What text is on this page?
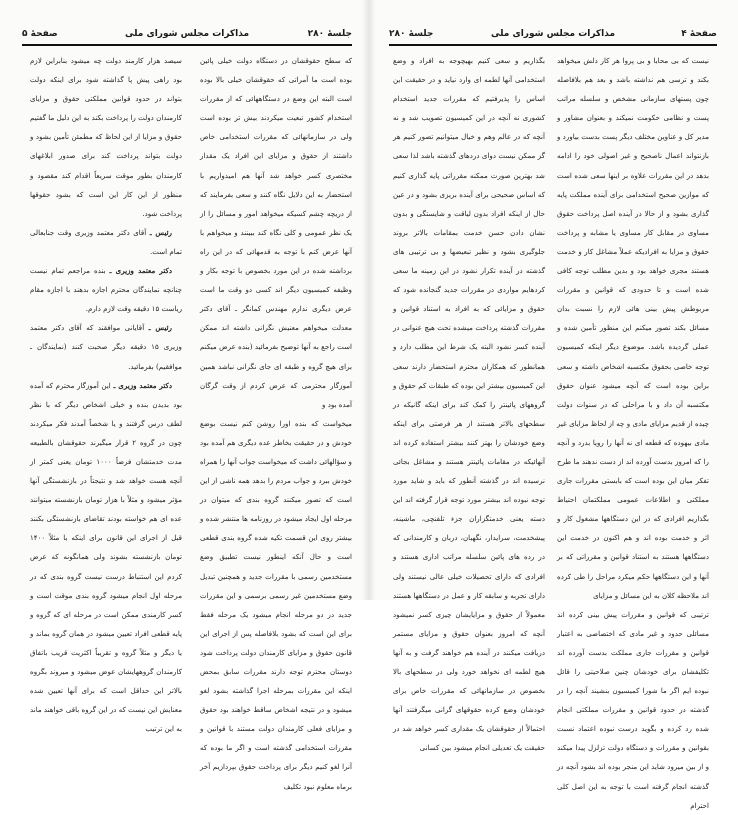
جلسهٔ ۲۸۰
مذاکرات مجلس شورای ملی
صفحهٔ ۵

که سطح حقوقشان در دستگاه دولت خیلی پائین بوده است ما آمراتی که حقوقشان خیلی بالا بوده است البته این وضع در دستگاههائی که از مقررات استخدام کشور تبعیت میکردند بیش تر بوده است ولی در سازمانهائی که مقررات استخدامی خاص داشتند از حقوق و مزایای این افراد یک مقدار مختصری کسر خواهد شد آنها هم امیدواریم با استحضار به این دلایل نگاه کنند و سعی بفرمایند که از دریچه چشم کسیکه میخواهد امور و مسائل را از یک نظر عمومی و کلی نگاه کند ببینند و میخواهم با آنها عرض کنم با توجه به قدمهائی که در این راه برداشته شده در این مورد بخصوص با توجه بکار و وظیفه کمیسیون دیگر اند کسی دو وقت ما است عرض دیگری ندارم مهندس کمانگر ـ آقای دکتر معدلت میخواهم معنیش نگرانی داشته اند ممکن است راجع به آنها توضیح بفرمائید (بنده عرض میکنم برای هیچ گروه و طبقه ای جای نگرانی نباشد همین آموزگار محترمی که عرض کردم از وقت گرگان آمده بود و

میخواست که بنده اورا روشن کنم نیست بوضع خودش و در حقیقت بخاطر عده دیگری هم آمده بود و سؤالهائی داشت که میخواست جواب آنها را همراه خودش ببرد و جواب مردم را بدهد همه ناشی از این است که تصور میکنند گروه بندی که میتوان در مرحله اول ایجاد میشود در روزنامه ها منتشر شده و بیشتر روی این قسمت تکیه شده گروه بندی قطعی است و حال آنکه اینطور نیست تطبیق وضع مستخدمین رسمی با مقررات جدید و همچنین تبدیل وضع مستخدمین غیر رسمی برسمی و این مقررات جدید در دو مرحله انجام میشود یک مرحله فقط برای این است که بشود بلافاصله پس از اجرای این قانون حقوق و مزایای کارمندان دولت پرداخت شود دوستان محترم توجه دارند مقررات سابق بمحض اینکه این مقررات بمرحله اجرا گذاشته بشود لغو میشود و در نتیجه اشخاص ساقط خواهند بود حقوق و مزایای فعلی کارمندان دولت مستند با قوانین و مقررات استخدامی گذشته است و اگر ما بوده که آنرا لغو کنیم دیگر برای پرداخت حقوق بپردازیم آخر برماه معلوم نبود تکلیف

سیصد هزار کارمند دولت چه میشود بنابراین لازم بود راهی پیش پا گذاشته شود برای اینکه دولت بتواند در حدود قوانین مملکتی حقوق و مزایای کارمندان دولت را پرداخت بکند به این دلیل ما گفتیم حقوق و مزایا از این لحاظ که مطمئن تأمین بشود و دولت بتواند پرداخت کند برای صدور ابلاغهای کارمندان بطور موقت سریعاً اقدام کند مقصود و منظور از این کار این است که بشود حقوقها پرداخت شود.

رئیس ـ آقای دکتر معتمد وزیری وقت جنابعالی تمام است.

دکتر معتمد وزیری ـ بنده مراجعم تمام نیست چنانچه نمایندگان محترم اجازه بدهند با اجازه مقام ریاست ۱۵ دقیقه وقت لازم دارم.

رئیس ـ آقایانی موافقند که آقای دکتر معتمد وزیری ۱۵ دقیقه دیگر صحبت کنند (نمایندگان ـ موافقیم) بفرمائید.

دکتر معتمد وزیری ـ این آموزگار محترم که آمده بود بدیدن بنده و خیلی اشخاص دیگر که با نظر لطف درس گرفتند و یا شخصاً آمدند فکر میکردند چون در گروه ۲ قرار میگیرند حقوقشان بالطبیعه مدت خدمتشان فرضاً ۱۰۰۰ تومان یعنی کمتر از آنچه هست خواهد شد و نتیجتاً در بازنشستگی آنها مؤثر میشود و مثلاً با هزار تومان بازنشسته میتوانند عده ای هم خواسته بودند تقاضای بازنشستگی بکنند قبل از اجرای این قانون برای اینکه با مثلاً ۱۴۰۰ تومان بازنشسته بشوند ولی همانگونه که عرض کردم این استنباط درست نیست گروه بندی که در مرحله اول انجام میشود گروه بندی موقت است و کسر کارمندی ممکن است در مرحله ای که گروه و پایه قطعی افراد تعیین میشود در همان گروه بماند و یا دیگر و مثلاً گروه و تقریباً اکثریت قریب باتفاق کارمندان گروههایشان عوض میشود و میروند بگروه بالاتر این حداقل است که برای آنها تعیین شده معنایش این نیست که در این گروه باقی خواهند ماند به این ترتیب

صفحهٔ ۴
مذاکرات مجلس شورای ملی
جلسهٔ ۲۸۰

نیست که بی محابا و بی پروا هر کار دلش میخواهد بکند و ترسی هم نداشته باشد و بعد هم بلافاصله چون پستهای سازمانی مشخص و سلسله مراتب پست و نظامی حکومت نمیکند و بعنوان مشاور و مدیر کل و عناوین مختلف دیگر پست بدست بیاورد و بازنتواند اعمال ناصحیح و غیر اصولی خود را ادامه بدهد در این مقررات علاوه بر اینها سعی شده است که موازین صحیح استخدامی برای آینده مملکت پایه گذاری بشود و از حالا در آینده اصل پرداخت حقوق مساوی در مقابل کار مساوی یا مشابه و پرداخت حقوق و مزایا به افرادیکه عملاً مشاغل کار و خدمت هستند مجری خواهد بود و بدین مطلب توجه کافی شده است و تا حدودی که قوانین و مقررات مربوطش پیش بینی هائی لازم را نسبت بدان مسائل بکند تصور میکنم این منظور تأمین شده و عملی گردیده باشد. موضوع دیگر اینکه کمیسیون توجه خاصی بحقوق مکتسبه اشخاص داشته و سعی براین بوده است که آنچه میشود عنوان حقوق مکتسبه آن داد و با مراحلی که در سنوات دولت چیده از قدیم مزایای مادی و چه از لحاظ مزایای غیر مادی بیهوده که قطعه ای نه آنها را رویا بدرد و آنچه را که امروز بدست آورده اند از دست ندهند ما طرح تفکر میان این بوده است که بابستی مقررات جاری مملکتی و اطلاعات عمومی مملکتمان احتیاط بگذاریم افرادی که در این دستگاهها مشغول کار و اثر و خدمت بوده اند و هم اکنون در خدمت این دستگاهها هستند به استناد قوانین و مقرراتی که بر آنها و این دستگاهها حکم میکرد مراحل را طی کرده اند ملاحظه کلان به این مسائل و مزایای

ترتیبی که قوانین و مقررات پیش بینی کرده اند مسائلی حدود و غیر مادی که اختصاصی به اعتبار قوانین و مقررات جاری مملکت بدست آورده اند تکلیفشان برای خودشان چنین صلاحیتی را قائل نبوده ایم اگر ما شورا کمیسیون بنشیند آنچه را در گذشته در حدود قوانین و مقررات مملکتی انجام شده رد کرده و بگوید درست نبوده اعتماد نسبت بقوانین و مقررات و دستگاه دولت تزلزل پیدا میکند و از بین میرود شاید این منجر بوده اند بشود آنچه در گذشته انجام گرفته است با توجه به این اصل کلی احترام

بگذاریم و سعی کنیم بهیچوجه به افراد و وضع استخدامی آنها لطمه ای وارد نیاید و در حقیقت این اساس را پذیرفتیم که مقررات جدید استخدام کشوری نه آنچه در این کمیسیون تصویب شد و نه آنچه که در عالم وهم و خیال میتوانیم تصور کنیم هر گز ممکن نیست دوای دردهای گذشته باشد لذا سعی شد بهترین صورت ممکنه مقرراتی پایه گذاری کنیم که اساس صحیحی برای آینده بریزی بشود و در عین حال از اینکه افراد بدون لیاقت و شایستگی و بدون نشان دادن حسن خدمت بمقامات بالاتر بروند جلوگیری بشود و نظیر تبعیضها و بی ترتیبی های گذشته در آینده تکرار نشود در این زمینه ما سعی کردهایم مواردی در مقررات جدید گنجانده شود که حقوق و مزایائی که به افراد به استناد قوانین و مقررات گذشته پرداخت میشده تحت هیچ عنوانی در آینده کسر نشود البته یک شرط این مطلب دارد و همانطور که همکاران محترم استحضار دارند سعی این کمیسیون بیشتر این بوده که طبقات کم حقوق و گروههای پائینتر را کمک کند برای اینکه گانیکه در سطحهای بالاتر هستند از هر فرصتی برای اینکه وضع خودشان را بهتر کنند بیشتر استفاده کرده اند آنهائیکه در مقامات پائینتر هستند و مشاغل بجائی نرسیده اند در گذشته آنطور که باید و شاید مورد توجه نبوده اند بیشتر مورد توجه قرار گرفته اند این دسته یعنی خدمتگزاران جزء تلفنچی، ماشینه، پیشخدمت، سرایدار، نگهبان، دربان و کارمندانی که در رده های پائین سلسله مراتب اداری هستند و افرادی که دارای تحصیلات خیلی عالی نیستند ولی دارای تجربه و سابقه کار و عمل در دستگاهها هستند معمولاً از حقوق و مزایایشان چیزی کسر نمیشود آنچه که امروز بعنوان حقوق و مزایای مستمر دریافت میکنند در آینده هم خواهند گرفت و به آنها هیچ لطمه ای نخواهد خورد ولی در سطحهای بالا بخصوص در سازمانهائی که مقررات خاص برای خودشان وضع کرده حقوقهای گرانی میگرفتند آنها احتمالاً از حقوقشان یک مقداری کسر خواهد شد در حقیقت یک تعدیلی انجام میشود بین کسانی
